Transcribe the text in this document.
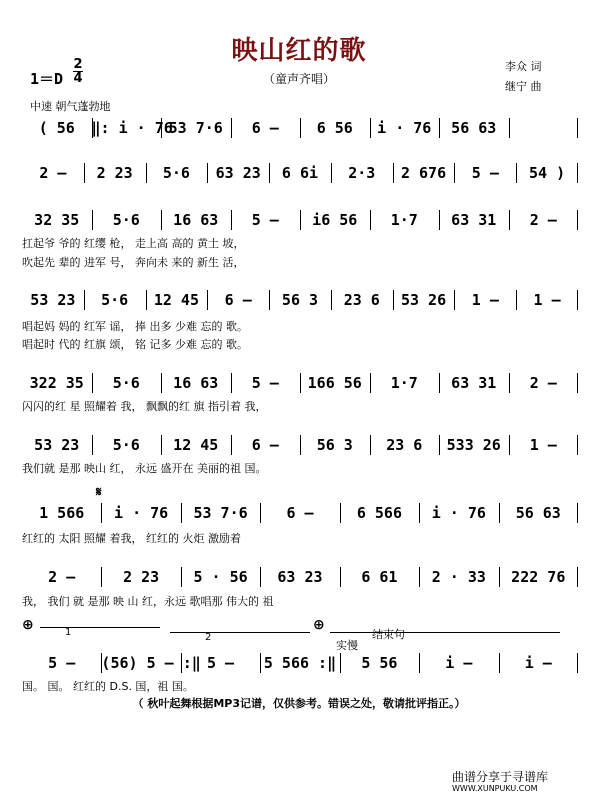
映山红的歌
（童声齐唱）
李众 词
继宁 曲
1＝D
2
4
中速 朝气蓬勃地
( 56	‖: i · 76
53 7·6	6 –	6 56	i · 76	56 63
2 –	2 23	5·6	63 23	6 6i	2·3	2 676	5 –	54 )
32 35	5·6	16 63	5 –	i6 56	1·7	63 31	2 –
扛起爷 爷的 红缨 枪， 走上高 高的 黄土 坡，
吹起先 辈的 进军 号， 奔向未 来的 新生 活，
53 23	5·6	12 45	6 –	56 3	23 6	53 26	1 –	1 –
唱起妈 妈的 红军 谣， 捧 出多 少难 忘的 歌。
唱起时 代的 红旗 颂， 铭 记多 少难 忘的 歌。
322 35	5·6	16 63	5 –	166 56	1·7	63 31	2 –
闪闪的红 星 照耀着 我， 飘飘的红 旗 指引着 我，
53 23	5·6	12 45	6 –	56 3	23 6	533 26	1 –
我们就 是那 映山 红， 永远 盛开在 美丽的祖 国。
𝄋
1 566	i · 76	53 7·6	6 –	6 566	i · 76	56 63
红红的 太阳 照耀 着我， 红红的 火炬 激励着
2 –	2 23	5 · 56	63 23	6 61	2 · 33	222 76
我， 我们 就 是那 映 山 红，永远 歌唱那 伟大的 祖
⊕	⊕
1	2	结束句
实慢
5 –	(56) 5 – :‖ 5 –	5 566 :‖	5 56	i –	i –
国。 国。 红红的 D.S. 国，祖 国。
（ 秋叶起舞根据MP3记谱，仅供参考。错误之处，敬请批评指正。）
曲谱分享于寻谱库
WWW.XUNPUKU.COM
